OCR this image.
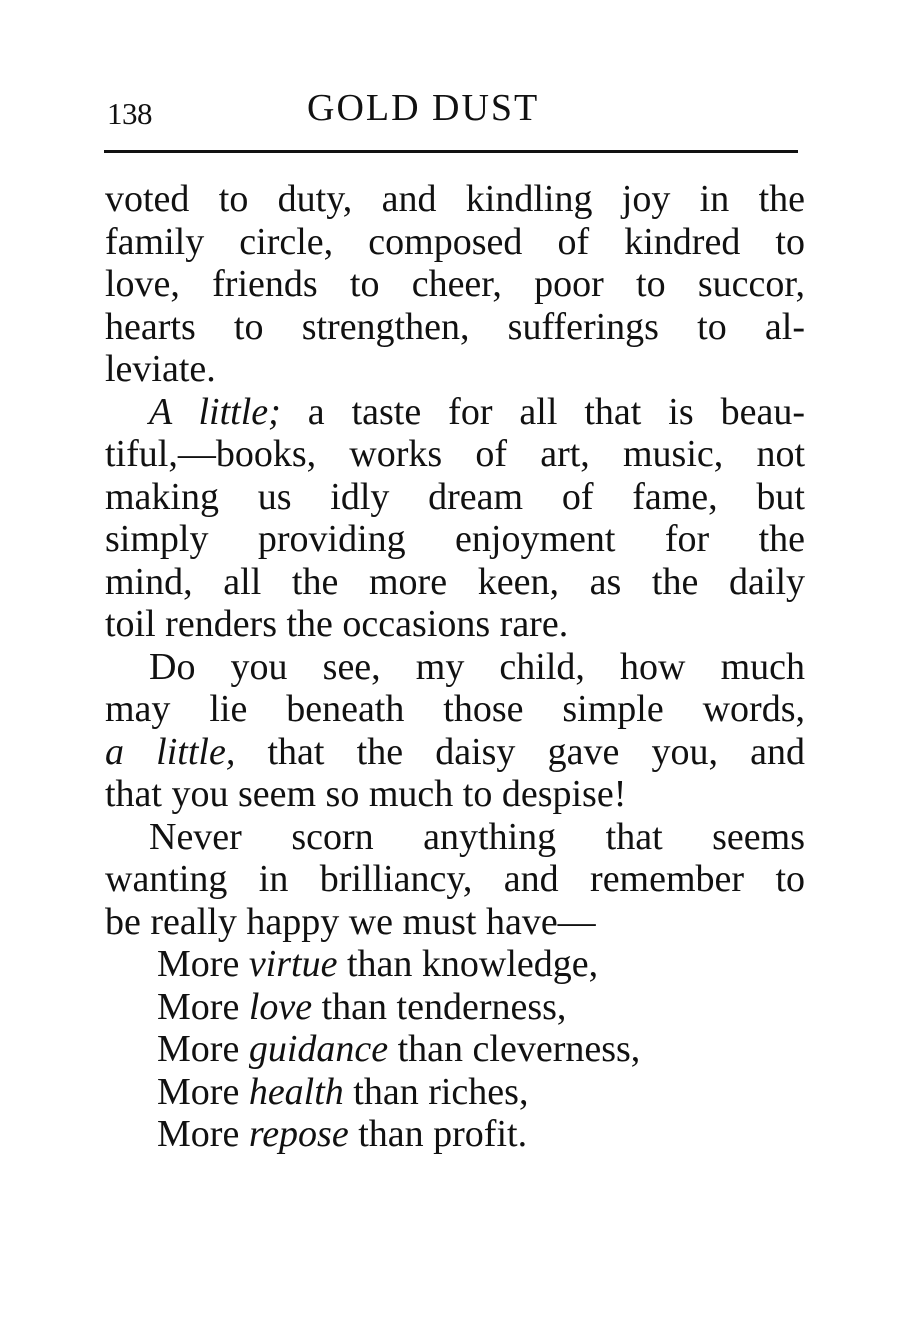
138	GOLD DUST
voted to duty, and kindling joy in the
family circle, composed of kindred to
love, friends to cheer, poor to succor,
hearts to strengthen, sufferings to al-
leviate.
A little; a taste for all that is beau-
tiful,—books, works of art, music, not
making us idly dream of fame, but
simply providing enjoyment for the
mind, all the more keen, as the daily
toil renders the occasions rare.
Do you see, my child, how much
may lie beneath those simple words,
a little, that the daisy gave you, and
that you seem so much to despise!
Never scorn anything that seems
wanting in brilliancy, and remember to
be really happy we must have—
More virtue than knowledge,
More love than tenderness,
More guidance than cleverness,
More health than riches,
More repose than profit.
